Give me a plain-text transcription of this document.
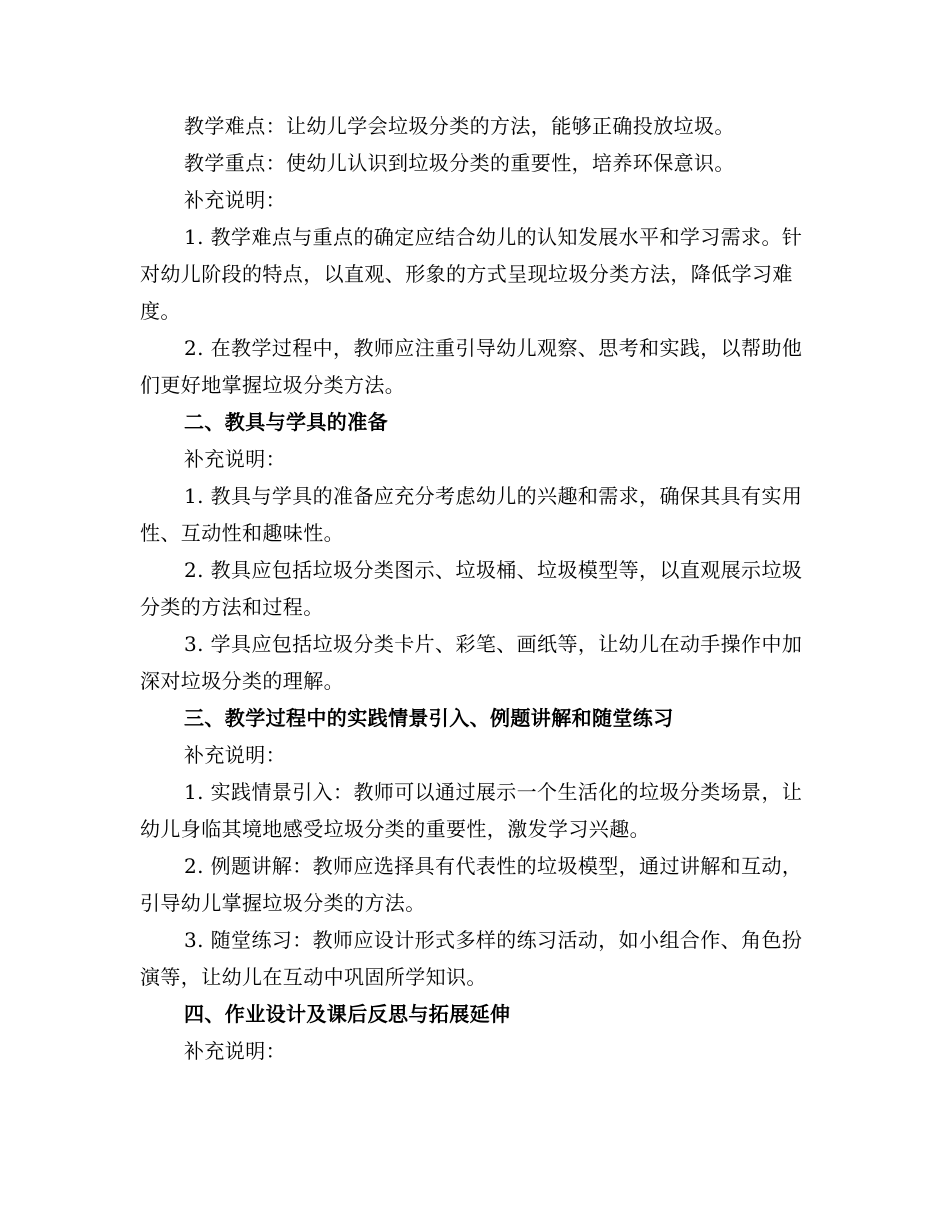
教学难点：让幼儿学会垃圾分类的方法，能够正确投放垃圾。

教学重点：使幼儿认识到垃圾分类的重要性，培养环保意识。

补充说明：

1. 教学难点与重点的确定应结合幼儿的认知发展水平和学习需求。针对幼儿阶段的特点，以直观、形象的方式呈现垃圾分类方法，降低学习难度。

2. 在教学过程中，教师应注重引导幼儿观察、思考和实践，以帮助他们更好地掌握垃圾分类方法。

二、教具与学具的准备

补充说明：

1. 教具与学具的准备应充分考虑幼儿的兴趣和需求，确保其具有实用性、互动性和趣味性。

2. 教具应包括垃圾分类图示、垃圾桶、垃圾模型等，以直观展示垃圾分类的方法和过程。

3. 学具应包括垃圾分类卡片、彩笔、画纸等，让幼儿在动手操作中加深对垃圾分类的理解。

三、教学过程中的实践情景引入、例题讲解和随堂练习

补充说明：

1. 实践情景引入：教师可以通过展示一个生活化的垃圾分类场景，让幼儿身临其境地感受垃圾分类的重要性，激发学习兴趣。

2. 例题讲解：教师应选择具有代表性的垃圾模型，通过讲解和互动，引导幼儿掌握垃圾分类的方法。

3. 随堂练习：教师应设计形式多样的练习活动，如小组合作、角色扮演等，让幼儿在互动中巩固所学知识。

四、作业设计及课后反思与拓展延伸

补充说明：
